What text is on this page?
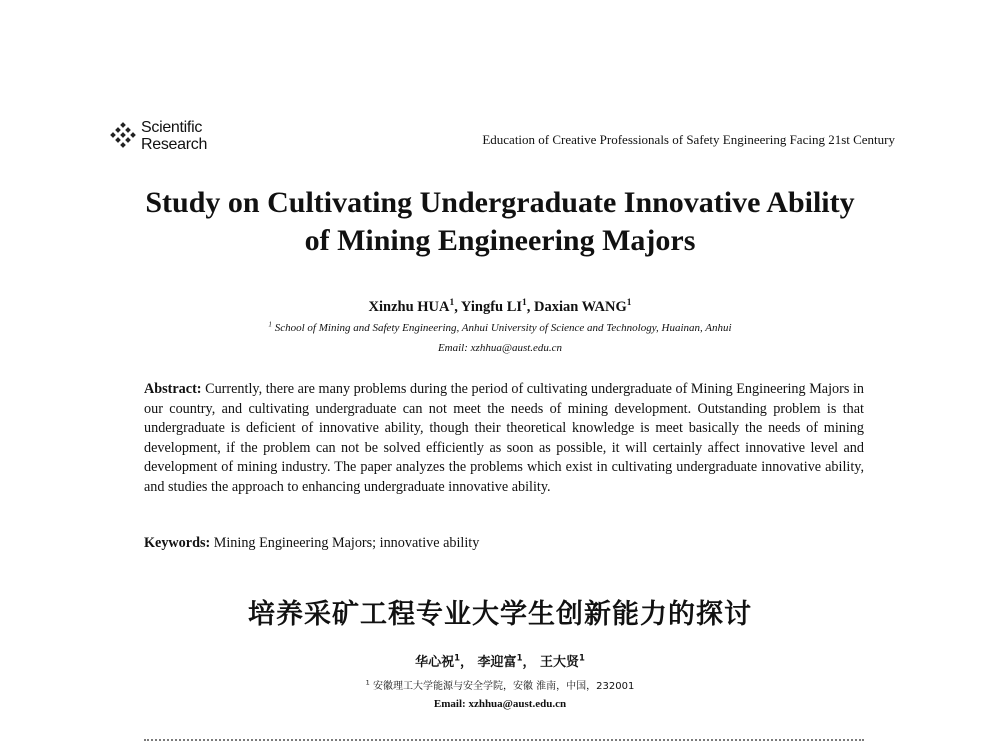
Scientific
Research	Education of Creative Professionals of Safety Engineering Facing 21st Century
Study on Cultivating Undergraduate Innovative Ability
of Mining Engineering Majors
Xinzhu HUA$^1$, Yingfu $LI^1$, Daxian WANG$^1$
$^1$ School of Mining and Safety Engineering, Anhui University of Science and Technology, Huainan, Anhui
Email: xzhhua@aust.edu.cn
Abstract: Currently, there are many problems during the period of cultivating undergraduate of Mining Engineering Majors in our country, and cultivating undergraduate can not meet the needs of mining development. Outstanding problem is that undergraduate is deficient of innovative ability, though their theoretical knowledge is meet basically the needs of mining development, if the problem can not be solved efficiently as soon as possible, it will certainly affect innovative level and development of mining industry. The paper analyzes the problems which exist in cultivating undergraduate innovative ability, and studies the approach to enhancing undergraduate innovative ability.
Keywords: Mining Engineering Majors; innovative ability
培养采矿工程专业大学生创新能力的探讨
华心祝$^1$， 李迎富$^1$， 王大贤$^1$
$^1$ 安徽理工大学能源与安全学院，安徽 淮南，中国，232001
Email: xzhhua@aust.edu.cn
